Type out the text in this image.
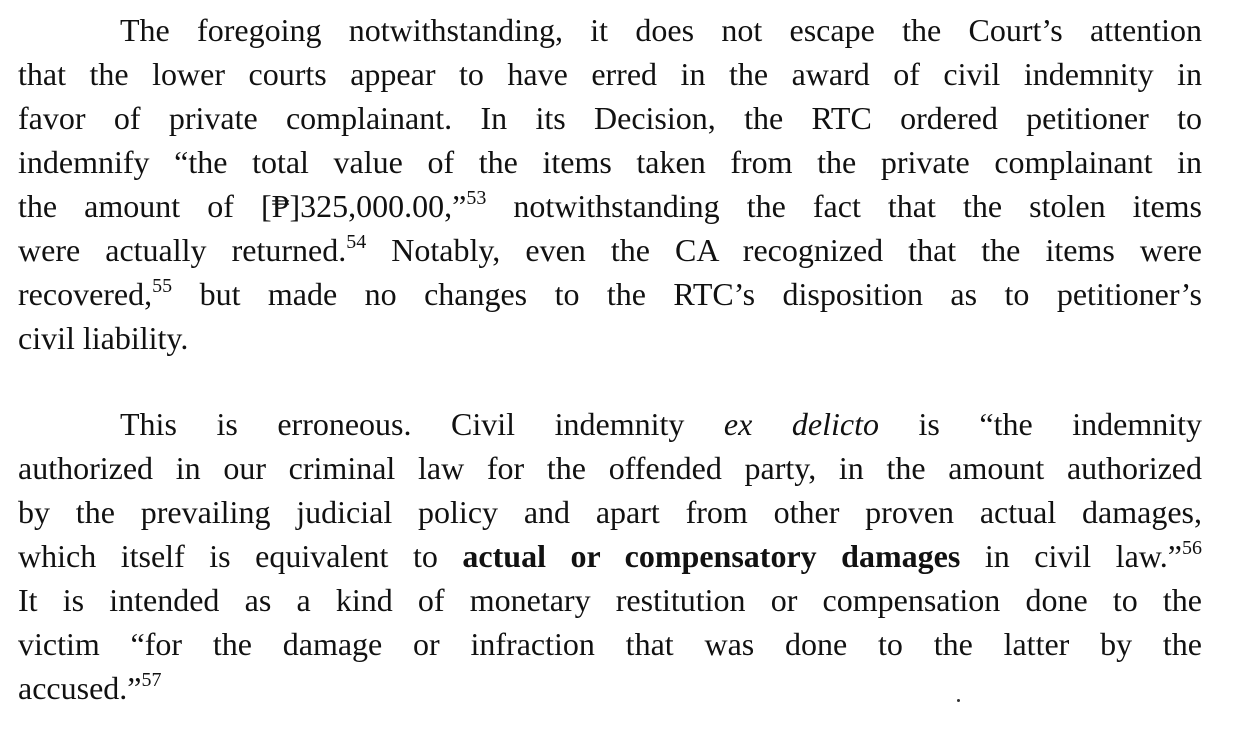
The foregoing notwithstanding, it does not escape the Court’s attention
that the lower courts appear to have erred in the award of civil indemnity in
favor of private complainant. In its Decision, the RTC ordered petitioner to
indemnify “the total value of the items taken from the private complainant in
the amount of [₱]325,000.00,”$^{53}$ notwithstanding the fact that the stolen items
were actually returned.$^{54}$ Notably, even the CA recognized that the items were
recovered,$^{55}$ but made no changes to the RTC’s disposition as to petitioner’s
civil liability.

This is erroneous. Civil indemnity ex delicto is “the indemnity
authorized in our criminal law for the offended party, in the amount authorized
by the prevailing judicial policy and apart from other proven actual damages,
which itself is equivalent to actual or compensatory damages in civil law.”$^{56}$
It is intended as a kind of monetary restitution or compensation done to the
victim “for the damage or infraction that was done to the latter by the
accused.”$^{57}$
